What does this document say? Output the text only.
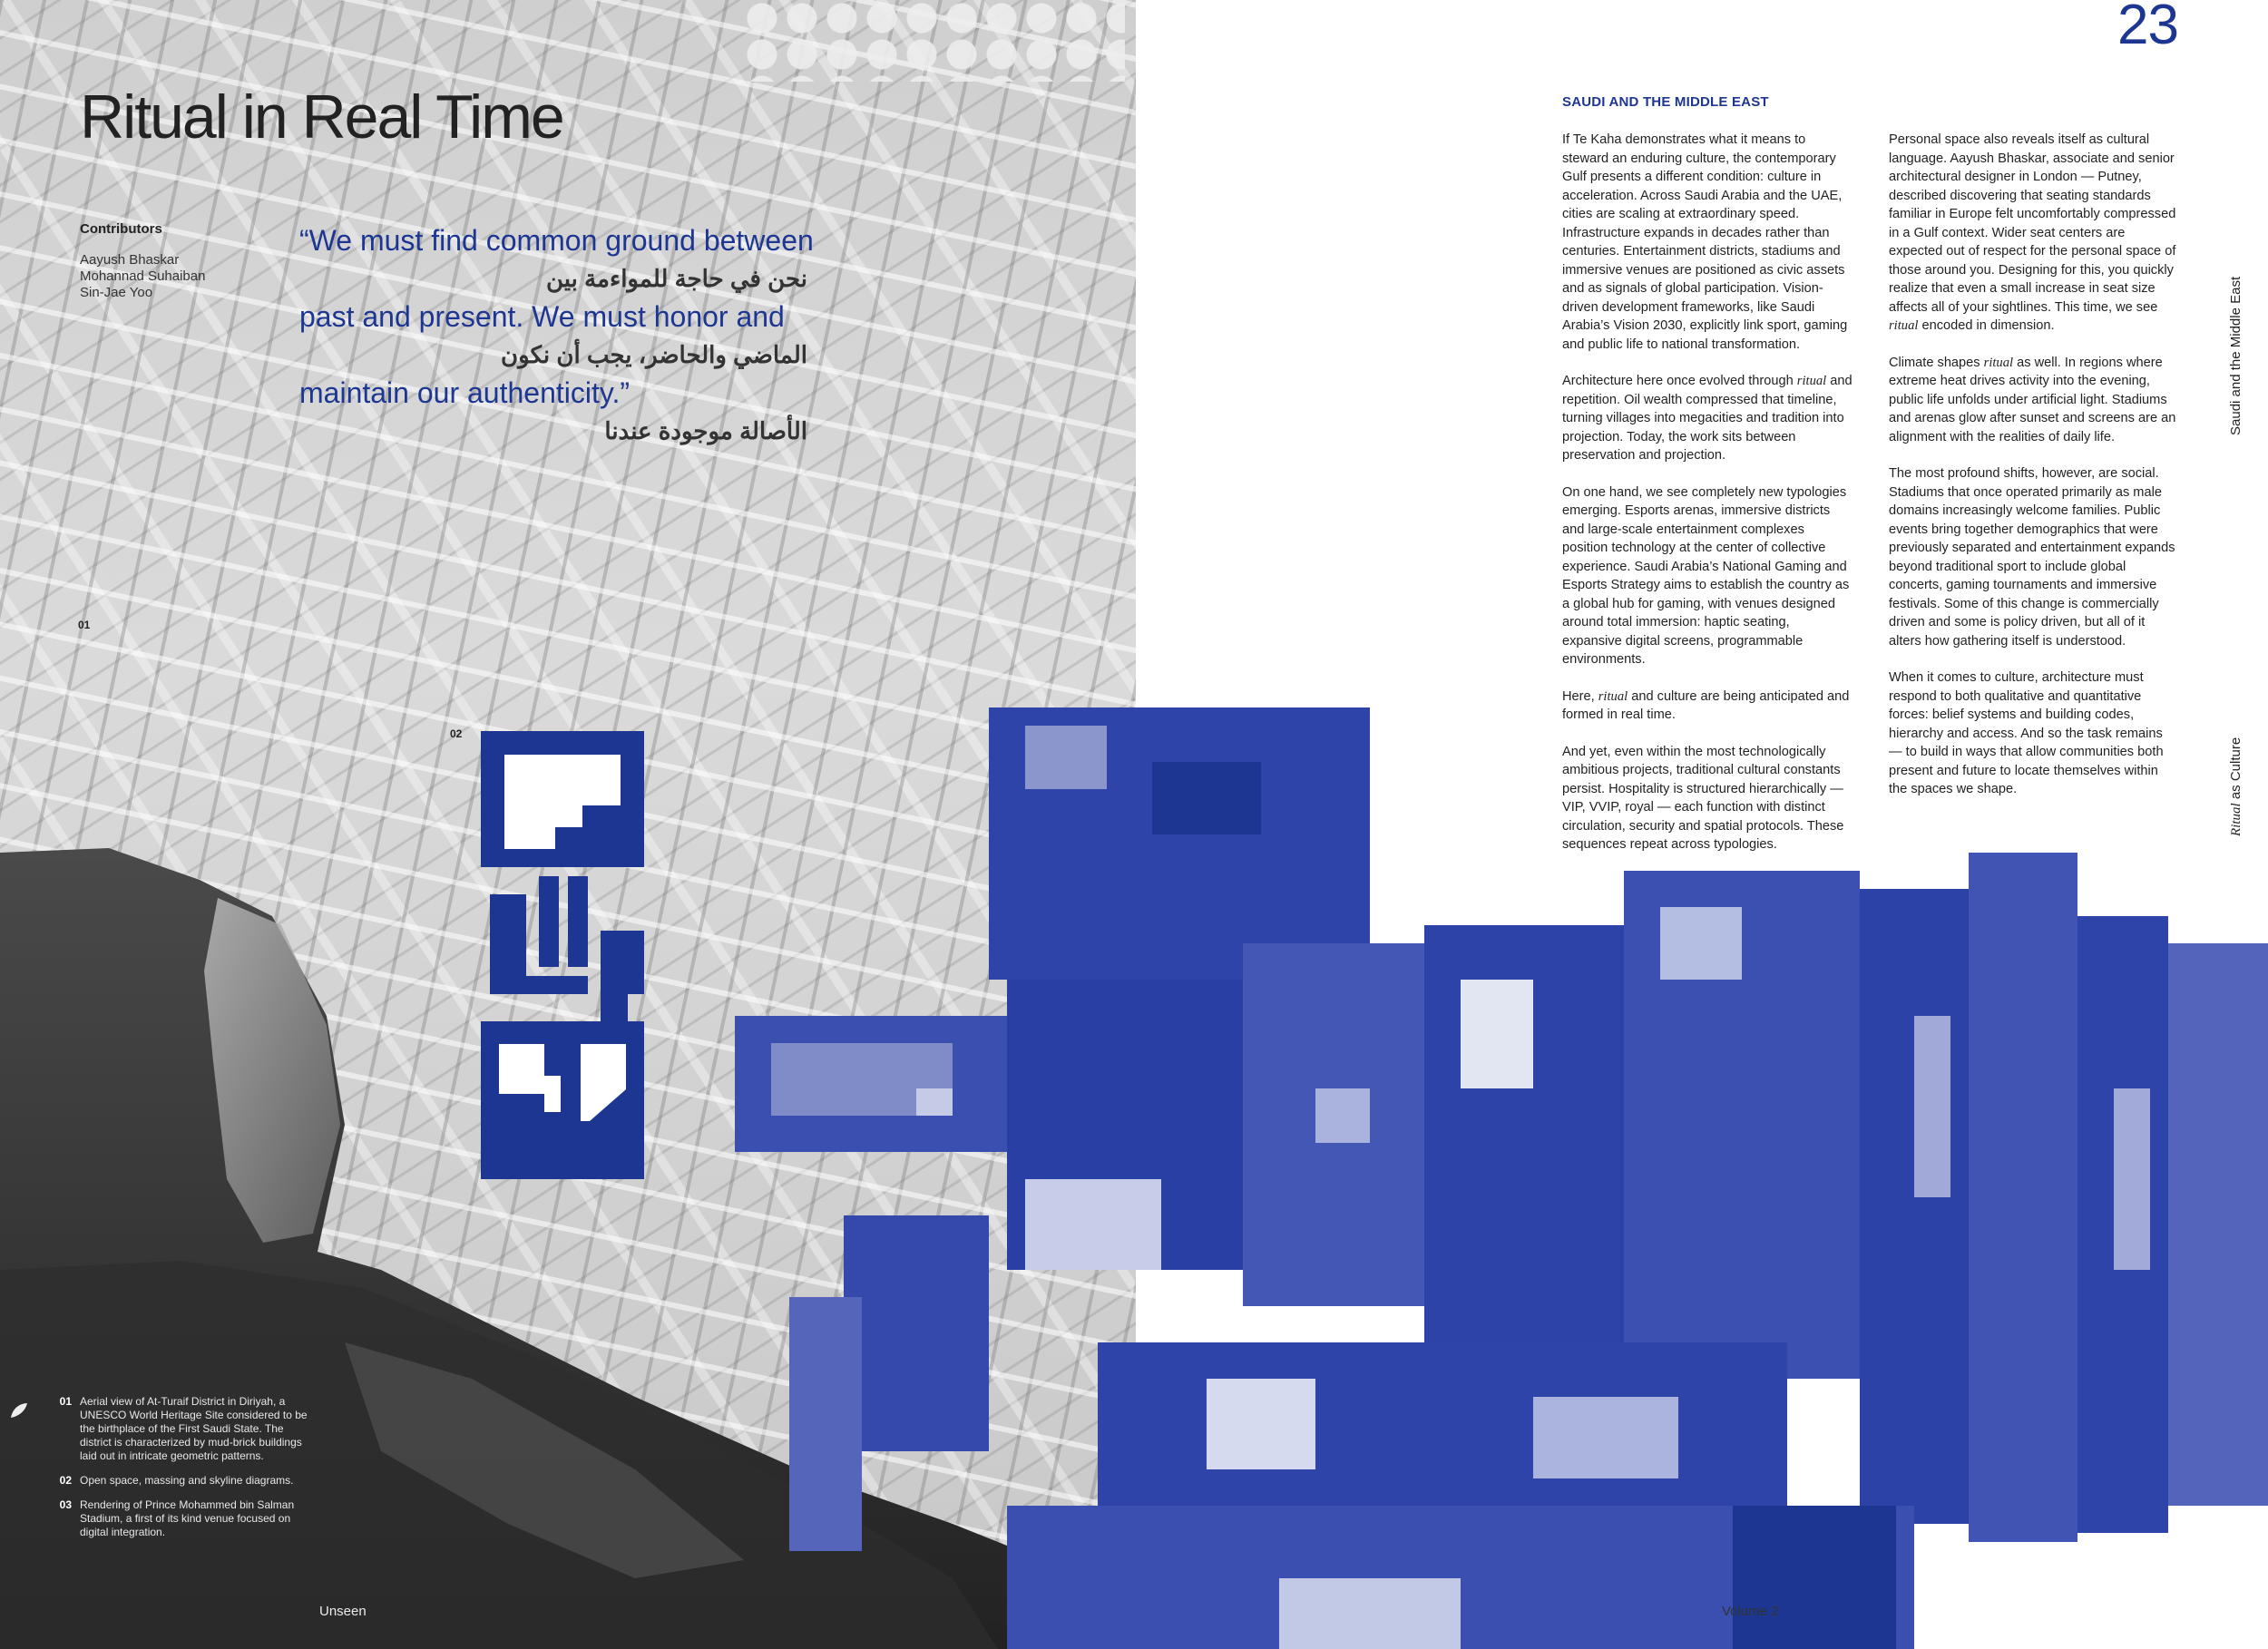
Ritual in Real Time
Contributors
Aayush Bhaskar
Mohannad Suhaiban
Sin-Jae Yoo
“We must find common ground between
نحن في حاجة للمواءمة بين
past and present. We must honor and
الماضي والحاضر، يجب أن نكون
maintain our authenticity.”
الأصالة موجودة عندنا
01
02
01 Aerial view of At-Turaif District in Diriyah, a UNESCO World Heritage Site considered to be the birthplace of the First Saudi State. The district is characterized by mud-brick buildings laid out in intricate geometric patterns.
02 Open space, massing and skyline diagrams.
03 Rendering of Prince Mohammed bin Salman Stadium, a first of its kind venue focused on digital integration.
Unseen	Volume 2
23
SAUDI AND THE MIDDLE EAST

If Te Kaha demonstrates what it means to steward an enduring culture, the contemporary Gulf presents a different condition: culture in acceleration. Across Saudi Arabia and the UAE, cities are scaling at extraordinary speed. Infrastructure expands in decades rather than centuries. Entertainment districts, stadiums and immersive venues are positioned as civic assets and as signals of global participation. Vision-driven development frameworks, like Saudi Arabia’s Vision 2030, explicitly link sport, gaming and public life to national transformation.

Architecture here once evolved through ritual and repetition. Oil wealth compressed that timeline, turning villages into megacities and tradition into projection. Today, the work sits between preservation and projection.

On one hand, we see completely new typologies emerging. Esports arenas, immersive districts and large-scale entertainment complexes position technology at the center of collective experience. Saudi Arabia’s National Gaming and Esports Strategy aims to establish the country as a global hub for gaming, with venues designed around total immersion: haptic seating, expansive digital screens, programmable environments.

Here, ritual and culture are being anticipated and formed in real time.

And yet, even within the most technologically ambitious projects, traditional cultural constants persist. Hospitality is structured hierarchically — VIP, VVIP, royal — each function with distinct circulation, security and spatial protocols. These sequences repeat across typologies.

Personal space also reveals itself as cultural language. Aayush Bhaskar, associate and senior architectural designer in London — Putney, described discovering that seating standards familiar in Europe felt uncomfortably compressed in a Gulf context. Wider seat centers are expected out of respect for the personal space of those around you. Designing for this, you quickly realize that even a small increase in seat size affects all of your sightlines. This time, we see ritual encoded in dimension.

Climate shapes ritual as well. In regions where extreme heat drives activity into the evening, public life unfolds under artificial light. Stadiums and arenas glow after sunset and screens are an alignment with the realities of daily life.

The most profound shifts, however, are social. Stadiums that once operated primarily as male domains increasingly welcome families. Public events bring together demographics that were previously separated and entertainment expands beyond traditional sport to include global concerts, gaming tournaments and immersive festivals. Some of this change is commercially driven and some is policy driven, but all of it alters how gathering itself is understood.

When it comes to culture, architecture must respond to both qualitative and quantitative forces: belief systems and building codes, hierarchy and access. And so the task remains — to build in ways that allow communities both present and future to locate themselves within the spaces we shape.

Saudi and the Middle East
Ritual as Culture
